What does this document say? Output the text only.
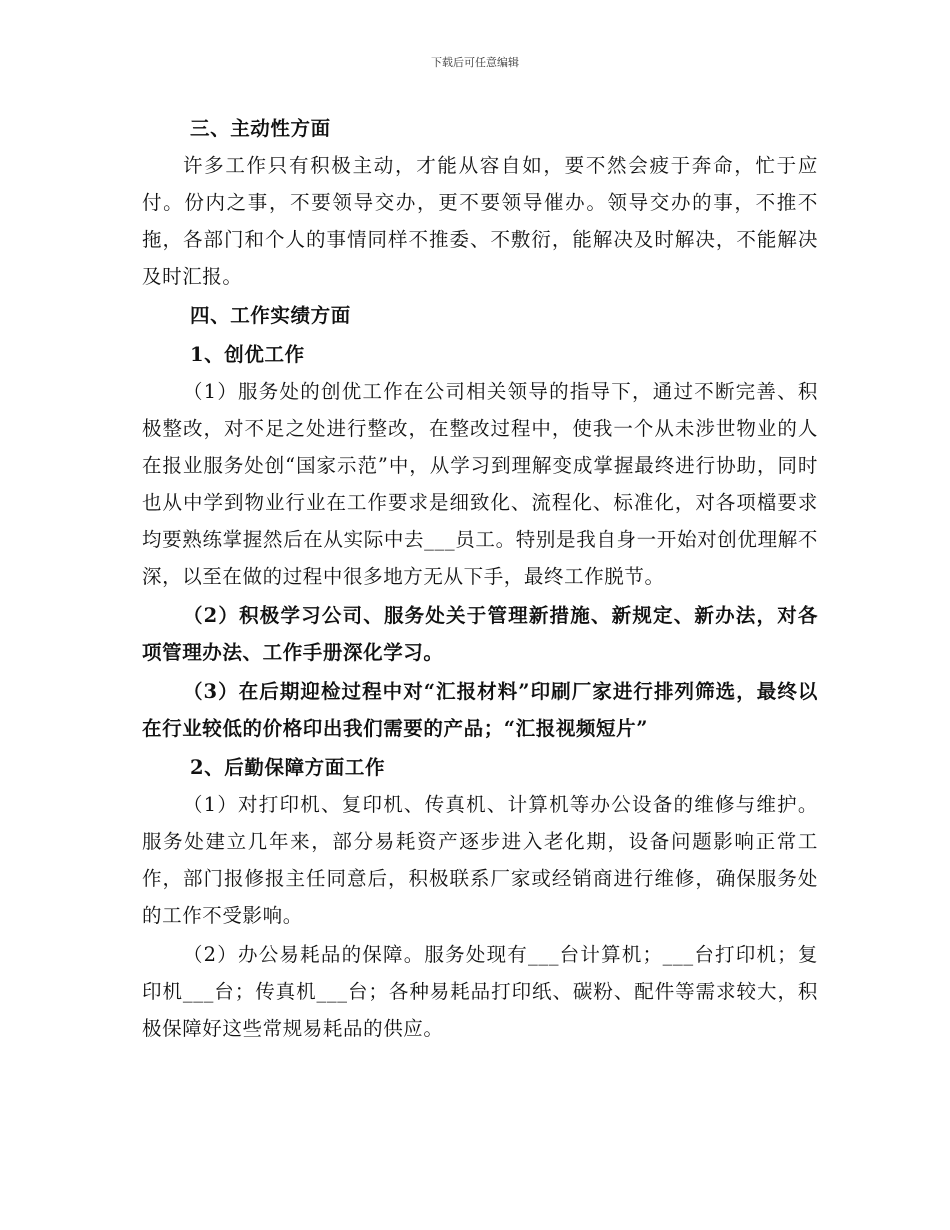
下载后可任意编辑
三、主动性方面
许多工作只有积极主动，才能从容自如，要不然会疲于奔命，忙于应付。份内之事，不要领导交办，更不要领导催办。领导交办的事，不推不拖，各部门和个人的事情同样不推委、不敷衍，能解决及时解决，不能解决及时汇报。
四、工作实绩方面
1、创优工作
（1）服务处的创优工作在公司相关领导的指导下，通过不断完善、积极整改，对不足之处进行整改，在整改过程中，使我一个从未涉世物业的人在报业服务处创“国家示范”中，从学习到理解变成掌握最终进行协助，同时也从中学到物业行业在工作要求是细致化、流程化、标准化，对各项檔要求均要熟练掌握然后在从实际中去___员工。特别是我自身一开始对创优理解不深，以至在做的过程中很多地方无从下手，最终工作脱节。
（2）积极学习公司、服务处关于管理新措施、新规定、新办法，对各项管理办法、工作手册深化学习。
（3）在后期迎检过程中对“汇报材料”印刷厂家进行排列筛选，最终以在行业较低的价格印出我们需要的产品；“汇报视频短片”
2、后勤保障方面工作
（1）对打印机、复印机、传真机、计算机等办公设备的维修与维护。服务处建立几年来，部分易耗资产逐步进入老化期，设备问题影响正常工作，部门报修报主任同意后，积极联系厂家或经销商进行维修，确保服务处的工作不受影响。
（2）办公易耗品的保障。服务处现有___台计算机；___台打印机；复印机___台；传真机___台；各种易耗品打印纸、碳粉、配件等需求较大，积极保障好这些常规易耗品的供应。
